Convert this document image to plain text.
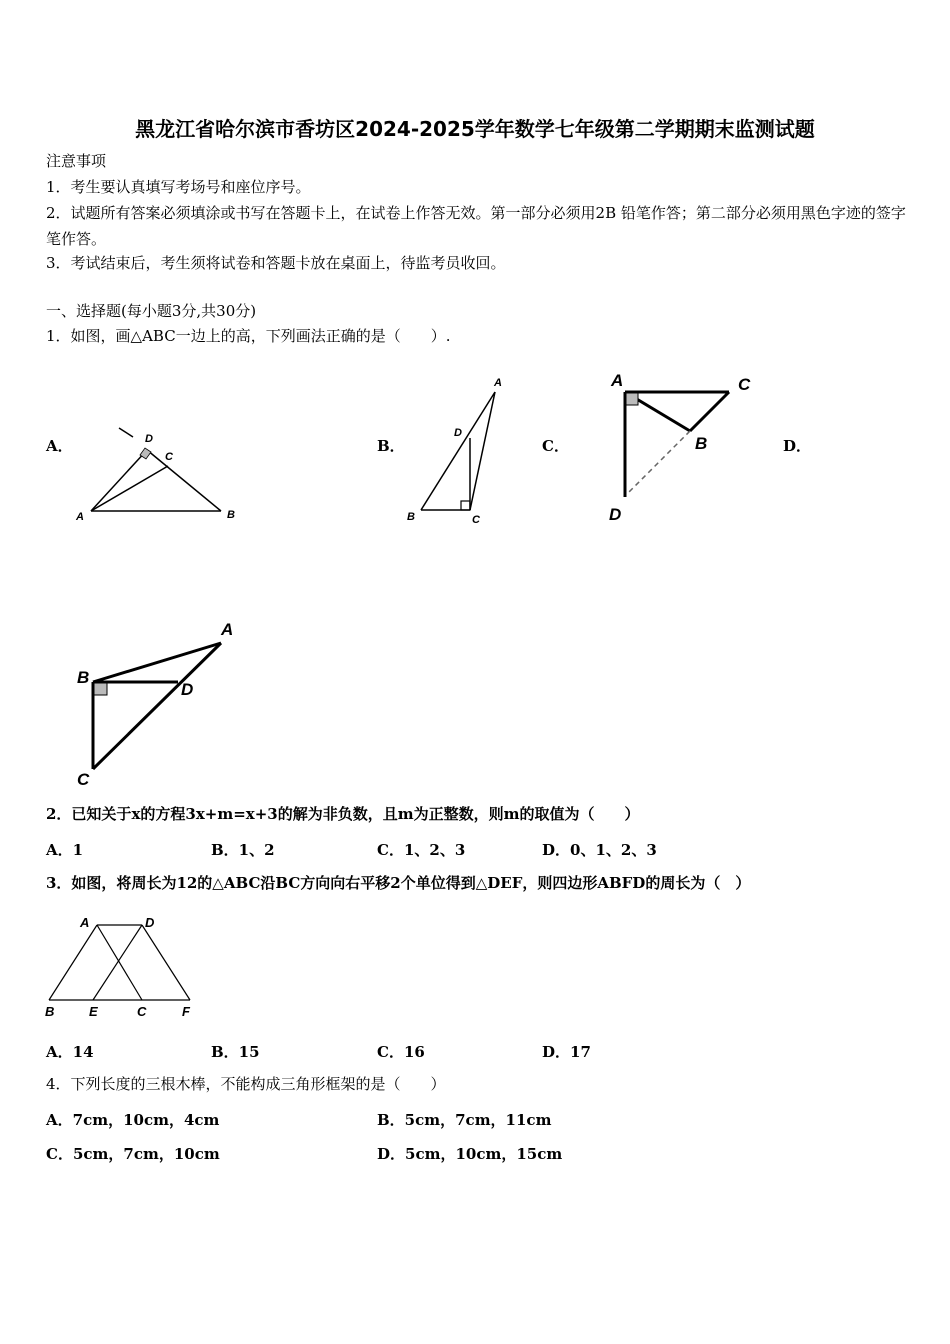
黑龙江省哈尔滨市香坊区2024-2025学年数学七年级第二学期期末监测试题
注意事项
1．考生要认真填写考场号和座位序号。
2．试题所有答案必须填涂或书写在答题卡上，在试卷上作答无效。第一部分必须用2B 铅笔作答；第二部分必须用黑色字迹的签字笔作答。
3．考试结束后，考生须将试卷和答题卡放在桌面上，待监考员收回。
一、选择题(每小题3分,共30分)
1．如图，画△ABC一边上的高，下列画法正确的是（　　）.
A．	B．	C．	D．
D
C
A	B
A
D
B	C
A	C
B
D
A
B
D
C
2．已知关于x的方程3x+m=x+3的解为非负数，且m为正整数，则m的取值为（　　）
A．1	B．1、2	C．1、2、3	D．0、1、2、3
3．如图，将周长为12的△ABC沿BC方向向右平移2个单位得到△DEF，则四边形ABFD的周长为（　）
A	D
B	E	C	F
A．14	B．15	C．16	D．17
4．下列长度的三根木棒，不能构成三角形框架的是（　　）
A．7cm，10cm，4cm	B．5cm，7cm，11cm
C．5cm，7cm，10cm	D．5cm，10cm，15cm
